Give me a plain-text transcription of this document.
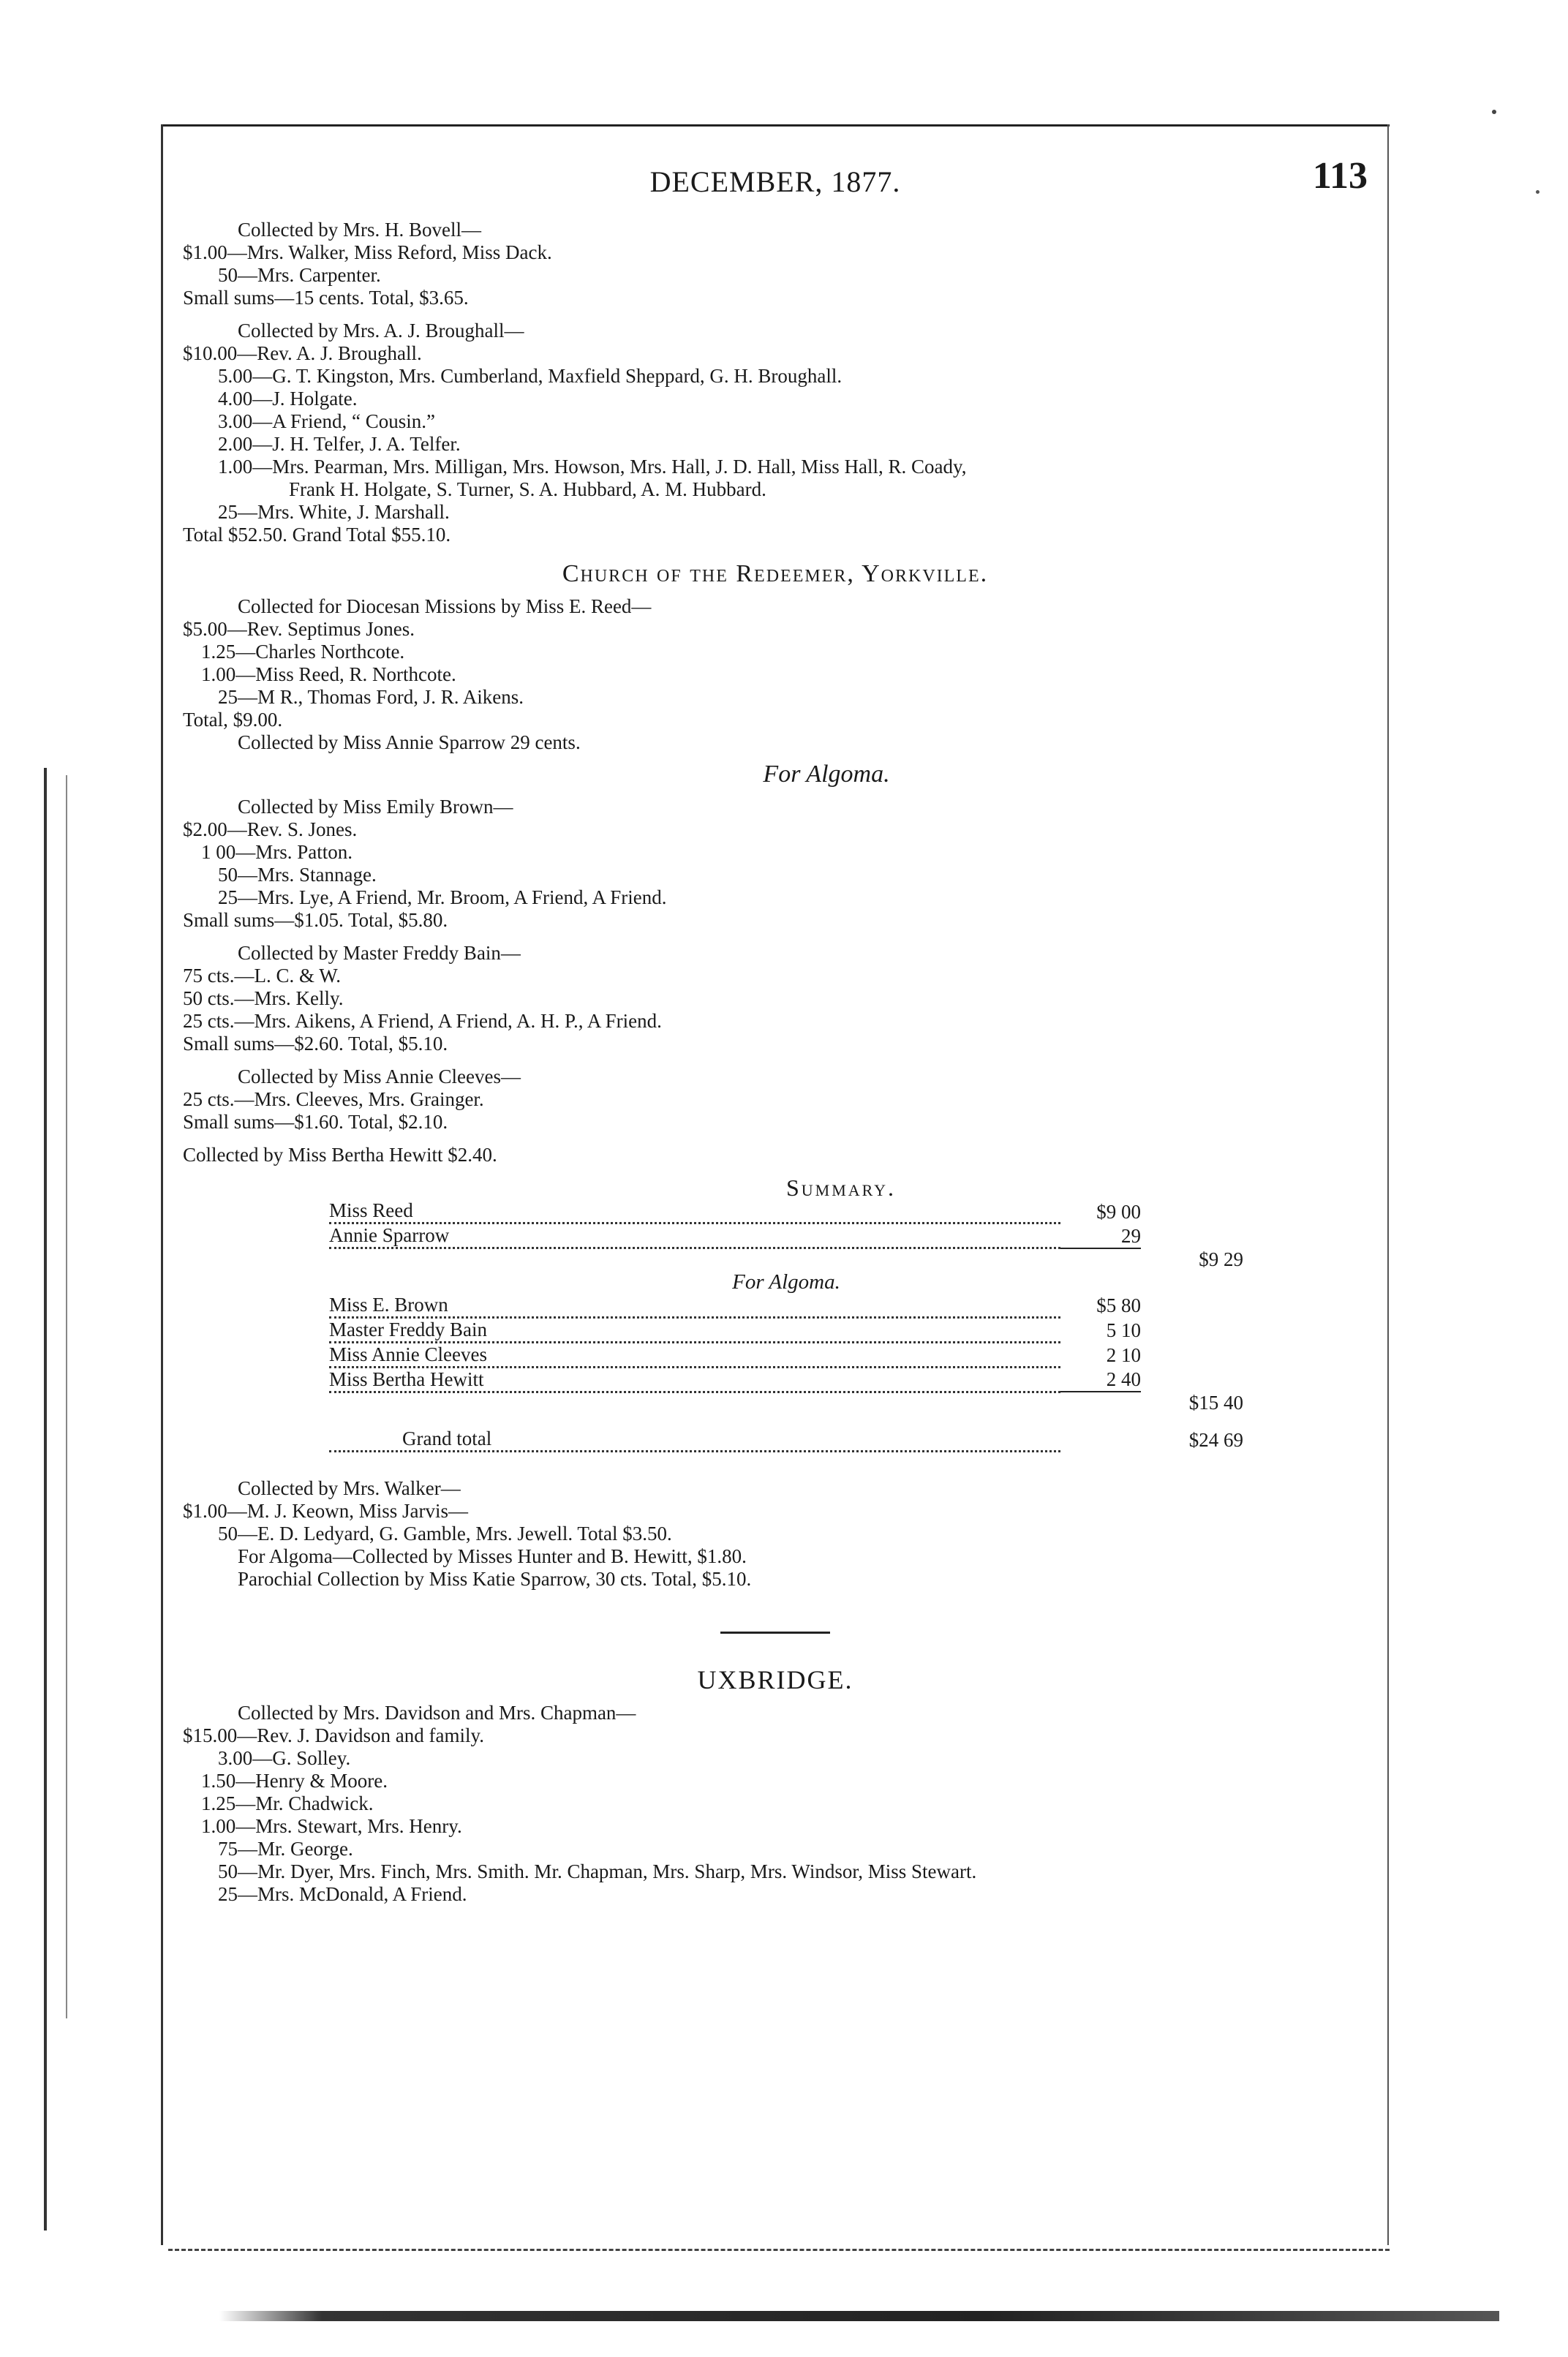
DECEMBER, 1877.	113
Collected by Mrs. H. Bovell—
$1.00—Mrs. Walker, Miss Reford, Miss Dack.
50—Mrs. Carpenter.
Small sums—15 cents. Total, $3.65.
Collected by Mrs. A. J. Broughall—
$10.00—Rev. A. J. Broughall.
5.00—G. T. Kingston, Mrs. Cumberland, Maxfield Sheppard, G. H. Broughall.
4.00—J. Holgate.
3.00—A Friend, “ Cousin.”
2.00—J. H. Telfer, J. A. Telfer.
1.00—Mrs. Pearman, Mrs. Milligan, Mrs. Howson, Mrs. Hall, J. D. Hall, Miss Hall, R. Coady,
Frank H. Holgate, S. Turner, S. A. Hubbard, A. M. Hubbard.
25—Mrs. White, J. Marshall.
Total $52.50. Grand Total $55.10.
Church of the Redeemer, Yorkville.
Collected for Diocesan Missions by Miss E. Reed—
$5.00—Rev. Septimus Jones.
1.25—Charles Northcote.
1.00—Miss Reed, R. Northcote.
25—M R., Thomas Ford, J. R. Aikens.
Total, $9.00.
Collected by Miss Annie Sparrow 29 cents.
For Algoma.
Collected by Miss Emily Brown—
$2.00—Rev. S. Jones.
1 00—Mrs. Patton.
50—Mrs. Stannage.
25—Mrs. Lye, A Friend, Mr. Broom, A Friend, A Friend.
Small sums—$1.05. Total, $5.80.
Collected by Master Freddy Bain—
75 cts.—L. C. & W.
50 cts.—Mrs. Kelly.
25 cts.—Mrs. Aikens, A Friend, A Friend, A. H. P., A Friend.
Small sums—$2.60. Total, $5.10.
Collected by Miss Annie Cleeves—
25 cts.—Mrs. Cleeves, Mrs. Grainger.
Small sums—$1.60. Total, $2.10.
Collected by Miss Bertha Hewitt $2.40.
Summary.
Miss Reed	$9 00	
Annie Sparrow	29	
		$9 29
For Algoma.		
Miss E. Brown	$5 80	
Master Freddy Bain	5 10	
Miss Annie Cleeves	2 10	
Miss Bertha Hewitt	2 40	
		$15 40
Grand total		$24 69
Collected by Mrs. Walker—
$1.00—M. J. Keown, Miss Jarvis—
50—E. D. Ledyard, G. Gamble, Mrs. Jewell. Total $3.50.
For Algoma—Collected by Misses Hunter and B. Hewitt, $1.80.
Parochial Collection by Miss Katie Sparrow, 30 cts. Total, $5.10.
UXBRIDGE.
Collected by Mrs. Davidson and Mrs. Chapman—
$15.00—Rev. J. Davidson and family.
3.00—G. Solley.
1.50—Henry & Moore.
1.25—Mr. Chadwick.
1.00—Mrs. Stewart, Mrs. Henry.
75—Mr. George.
50—Mr. Dyer, Mrs. Finch, Mrs. Smith. Mr. Chapman, Mrs. Sharp, Mrs. Windsor, Miss Stewart.
25—Mrs. McDonald, A Friend.
